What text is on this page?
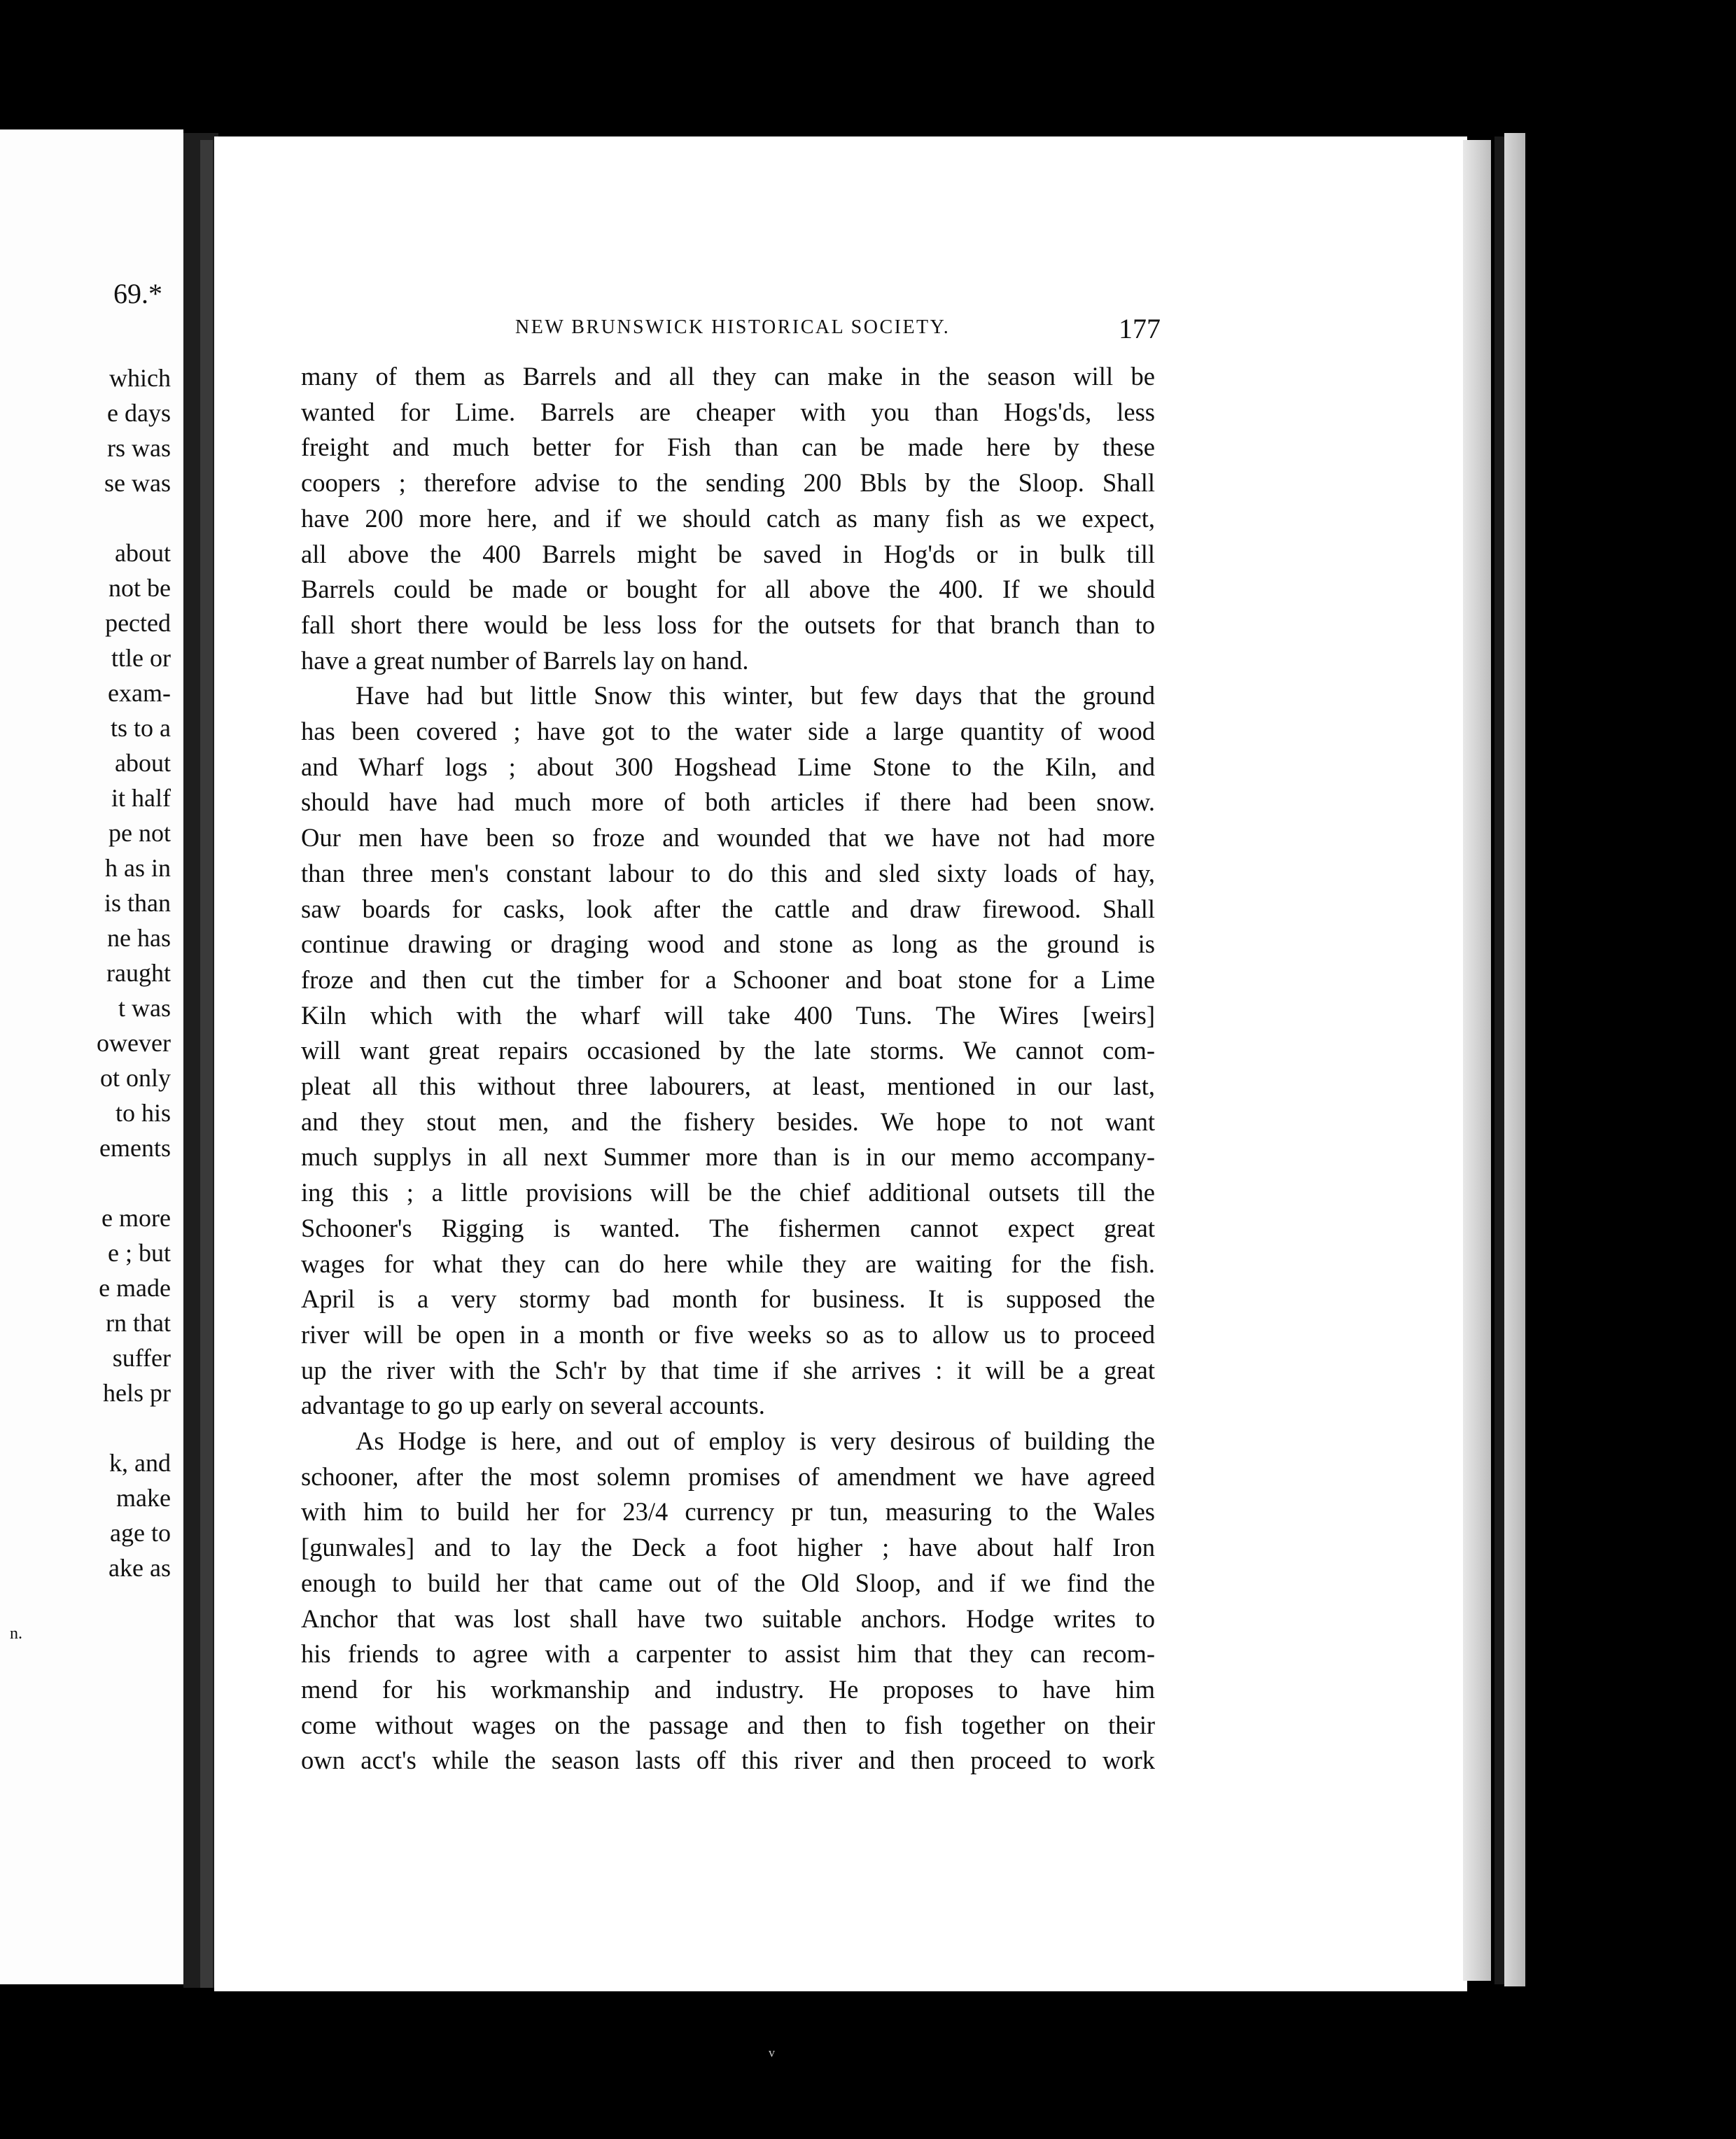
69.*
which
e days
rs was
se was
about
not be
pected
ttle or
exam-
ts to a
about
it half
pe not
h as in
is than
ne has
raught
t was
owever
ot only
to his
ements
e more
e ; but
e made
rn that
suffer
hels pr
k, and
make
age to
ake as
n.
NEW BRUNSWICK HISTORICAL SOCIETY.	177
many of them as Barrels and all they can make in the season will be
wanted for Lime. Barrels are cheaper with you than Hogs'ds, less
freight and much better for Fish than can be made here by these
coopers ; therefore advise to the sending 200 Bbls by the Sloop. Shall
have 200 more here, and if we should catch as many fish as we expect,
all above the 400 Barrels might be saved in Hog'ds or in bulk till
Barrels could be made or bought for all above the 400. If we should
fall short there would be less loss for the outsets for that branch than to
have a great number of Barrels lay on hand.
Have had but little Snow this winter, but few days that the ground
has been covered ; have got to the water side a large quantity of wood
and Wharf logs ; about 300 Hogshead Lime Stone to the Kiln, and
should have had much more of both articles if there had been snow.
Our men have been so froze and wounded that we have not had more
than three men's constant labour to do this and sled sixty loads of hay,
saw boards for casks, look after the cattle and draw firewood. Shall
continue drawing or draging wood and stone as long as the ground is
froze and then cut the timber for a Schooner and boat stone for a Lime
Kiln which with the wharf will take 400 Tuns. The Wires [weirs]
will want great repairs occasioned by the late storms. We cannot com-
pleat all this without three labourers, at least, mentioned in our last,
and they stout men, and the fishery besides. We hope to not want
much supplys in all next Summer more than is in our memo accompany-
ing this ; a little provisions will be the chief additional outsets till the
Schooner's Rigging is wanted. The fishermen cannot expect great
wages for what they can do here while they are waiting for the fish.
April is a very stormy bad month for business. It is supposed the
river will be open in a month or five weeks so as to allow us to proceed
up the river with the Sch'r by that time if she arrives : it will be a great
advantage to go up early on several accounts.
As Hodge is here, and out of employ is very desirous of building the
schooner, after the most solemn promises of amendment we have agreed
with him to build her for 23/4 currency pr tun, measuring to the Wales
[gunwales] and to lay the Deck a foot higher ; have about half Iron
enough to build her that came out of the Old Sloop, and if we find the
Anchor that was lost shall have two suitable anchors. Hodge writes to
his friends to agree with a carpenter to assist him that they can recom-
mend for his workmanship and industry. He proposes to have him
come without wages on the passage and then to fish together on their
own acct's while the season lasts off this river and then proceed to work
ᵥ
